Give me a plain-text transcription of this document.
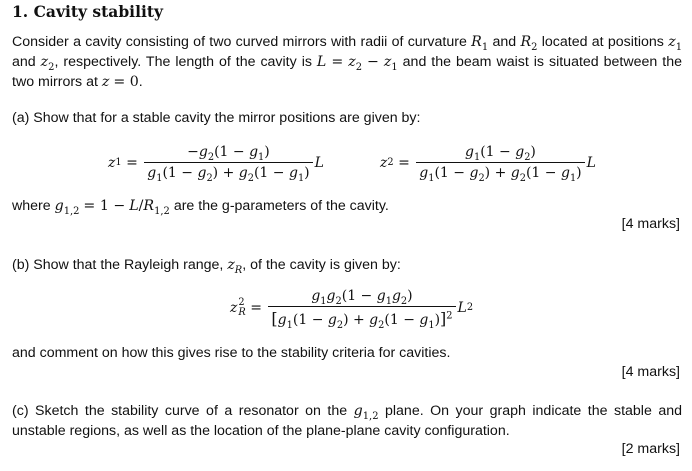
1. Cavity stability
Consider a cavity consisting of two curved mirrors with radii of curvature $R_1$ and $R_2$ located at positions $z_1$ and $z_2$, respectively. The length of the cavity is $L = z_2 - z_1$ and the beam waist is situated between the two mirrors at z = 0.
(a) Show that for a stable cavity the mirror positions are given by:
z $1 = \frac{-g_2(1 - g_1)}{g_1(1 - g_2) + g_2(1 - g_1)}$ L	z $2 = \frac{g_1(1 - g_2)}{g_1(1 - g_2) + g_2(1 - g_1)}$ L
where $g_{1,2} = 1 - L/R_{1,2}$ are the g-parameters of the cavity.
[4 marks]
(b) Show that the Rayleigh range, $z_R$, of the cavity is given by:
z 2
$R = \frac{g_1g_2(1 - g_1g_2)}{[g_1(1 - g_2) + g_2(1 - g_1)]^2}$ L 2
and comment on how this gives rise to the stability criteria for cavities.
[4 marks]
(c) Sketch the stability curve of a resonator on the $g_{1,2}$ plane. On your graph indicate the stable and unstable regions, as well as the location of the plane-plane cavity configuration.
[2 marks]
